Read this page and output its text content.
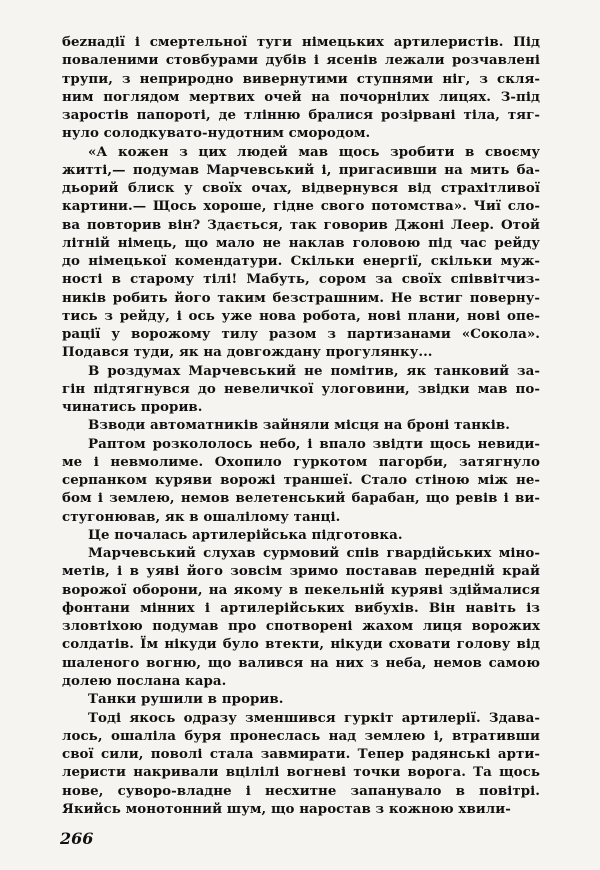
бezнадії і смертельної туги німецьких артилеристів. Під
поваленими стовбурами дубів і ясенів лежали розчавлені
трупи, з неприродно вивернутими ступнями ніг, з скля-
ним поглядом мертвих очей на почорнілих лицях. З-під
зароcтів папороті, де тлінню бралися розірвані тіла, тяг-
нуло солодкувато-нудотним смородом.
«А кожен з цих людей мав щось зробити в своєму
житті,— подумав Марчевський і, пригасивши на мить ба-
дьорий блиск у своїх очах, відвернувся від страхітливої
картини.— Щось хороше, гідне свого потомства». Чиї сло-
ва повторив він? Здається, так говорив Джоні Леер. Отой
літній німець, що мало не наклав головою під час рейду
до німецької комендатури. Скільки енергії, скільки муж-
ності в старому тілі! Мабуть, сором за своїх співвітчиз-
ників робить його таким безстрашним. Не встиг поверну-
тись з рейду, і ось уже нова робота, нові плани, нові опе-
рації у ворожому тилу разом з партизанами «Сокола».
Подався туди, як на довгождану прогулянку...
В роздумах Марчевський не помітив, як танковий за-
гін підтягнувся до невеличкої улоговини, звідки мав по-
чинатись прорив.
Взводи автоматників зайняли місця на броні танків.
Раптом розкололось небо, і впало звідти щось невиди-
ме і невмолиме. Охопило гуркотом пагорби, затягнуло
серпанком куряви ворожі траншеї. Стало стіною між не-
бом і землею, немов велетенський барабан, що ревів і ви-
стугонював, як в ошалілому танці.
Це почалась артилерійська підготовка.
Марчевський слухав сурмовий спів гвардійських міно-
метів, і в уяві його зовсім зримо поставав передній край
ворожої оборони, на якому в пекельній куряві здіймалися
фонтани мінних і артилерійських вибухів. Він навіть із
зловтіхою подумав про спотворені жахом лиця ворожих
солдатів. Їм нікуди було втекти, нікуди сховати голову від
шаленого вогню, що валився на них з неба, немов самою
долею послана кара.
Танки рушили в прорив.
Тоді якось одразу зменшився гуркіт артилерії. Здава-
лось, ошаліла буря пронеслась над землею і, втративши
свої сили, поволі стала завмирати. Тепер радянські арти-
леристи накривали вцілілі вогневі точки ворога. Та щось
нове, суворо-владне і несхитне запанувало в повітрі.
Якийсь монотонний шум, що наростав з кожною хвили-
266
